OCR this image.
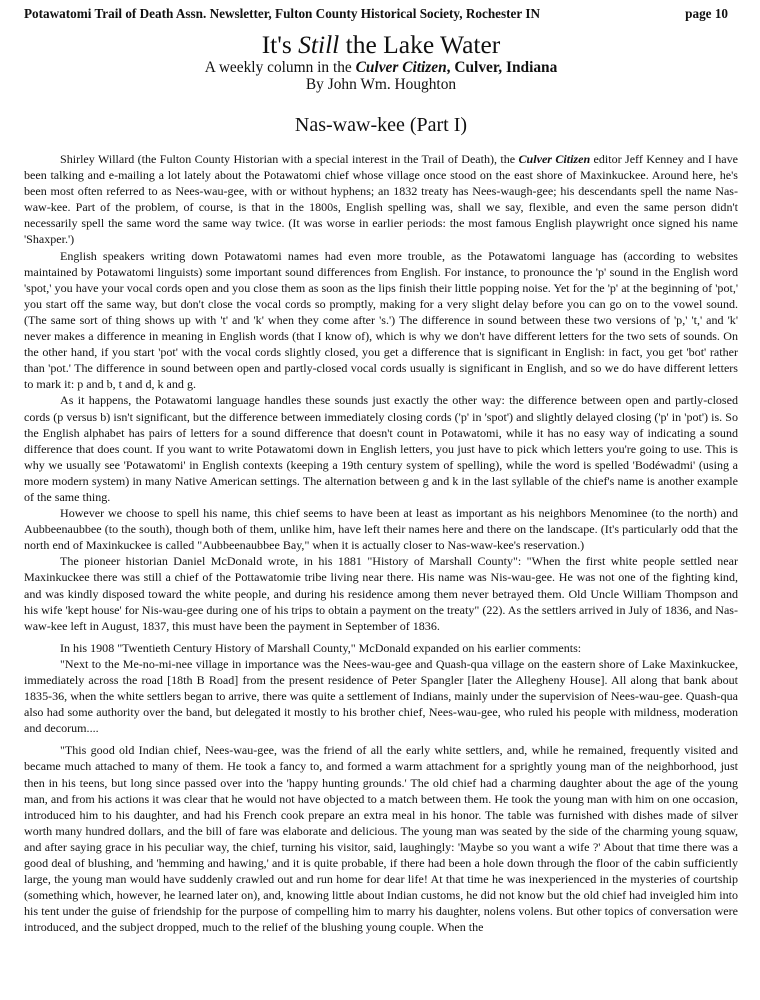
Potawatomi Trail of Death Assn. Newsletter, Fulton County Historical Society, Rochester IN	page 10
It's Still the Lake Water
A weekly column in the Culver Citizen, Culver, Indiana
By John Wm. Houghton
Nas-waw-kee (Part I)

Shirley Willard (the Fulton County Historian with a special interest in the Trail of Death), the Culver Citizen editor Jeff Kenney and I have been talking and e-mailing a lot lately about the Potawatomi chief whose village once stood on the east shore of Maxinkuckee. Around here, he's been most often referred to as Nees-wau-gee, with or without hyphens; an 1832 treaty has Nees-waugh-gee; his descendants spell the name Nas-waw-kee. Part of the problem, of course, is that in the 1800s, English spelling was, shall we say, flexible, and even the same person didn't necessarily spell the same word the same way twice. (It was worse in earlier periods: the most famous English playwright once signed his name 'Shaxper.')

English speakers writing down Potawatomi names had even more trouble, as the Potawatomi language has (according to websites maintained by Potawatomi linguists) some important sound differences from English. For instance, to pronounce the 'p' sound in the English word 'spot,' you have your vocal cords open and you close them as soon as the lips finish their little popping noise. Yet for the 'p' at the beginning of 'pot,' you start off the same way, but don't close the vocal cords so promptly, making for a very slight delay before you can go on to the vowel sound. (The same sort of thing shows up with 't' and 'k' when they come after 's.') The difference in sound between these two versions of 'p,' 't,' and 'k' never makes a difference in meaning in English words (that I know of), which is why we don't have different letters for the two sets of sounds. On the other hand, if you start 'pot' with the vocal cords slightly closed, you get a difference that is significant in English: in fact, you get 'bot' rather than 'pot.' The difference in sound between open and partly-closed vocal cords usually is significant in English, and so we do have different letters to mark it: p and b, t and d, k and g.

As it happens, the Potawatomi language handles these sounds just exactly the other way: the difference between open and partly-closed cords (p versus b) isn't significant, but the difference between immediately closing cords ('p' in 'spot') and slightly delayed closing ('p' in 'pot') is. So the English alphabet has pairs of letters for a sound difference that doesn't count in Potawatomi, while it has no easy way of indicating a sound difference that does count. If you want to write Potawatomi down in English letters, you just have to pick which letters you're going to use. This is why we usually see 'Potawatomi' in English contexts (keeping a 19th century system of spelling), while the word is spelled 'Bodéwadmi' (using a more modern system) in many Native American settings. The alternation between g and k in the last syllable of the chief's name is another example of the same thing.

However we choose to spell his name, this chief seems to have been at least as important as his neighbors Menominee (to the north) and Aubbeenaubbee (to the south), though both of them, unlike him, have left their names here and there on the landscape. (It's particularly odd that the north end of Maxinkuckee is called "Aubbeenaubbee Bay," when it is actually closer to Nas-waw-kee's reservation.)

The pioneer historian Daniel McDonald wrote, in his 1881 "History of Marshall County": "When the first white people settled near Maxinkuckee there was still a chief of the Pottawatomie tribe living near there. His name was Nis-wau-gee. He was not one of the fighting kind, and was kindly disposed toward the white people, and during his residence among them never betrayed them. Old Uncle William Thompson and his wife 'kept house' for Nis-wau-gee during one of his trips to obtain a payment on the treaty" (22). As the settlers arrived in July of 1836, and Nas-waw-kee left in August, 1837, this must have been the payment in September of 1836.

In his 1908 "Twentieth Century History of Marshall County," McDonald expanded on his earlier comments:

"Next to the Me-no-mi-nee village in importance was the Nees-wau-gee and Quash-qua village on the eastern shore of Lake Maxinkuckee, immediately across the road [18th B Road] from the present residence of Peter Spangler [later the Allegheny House]. All along that bank about 1835-36, when the white settlers began to arrive, there was quite a settlement of Indians, mainly under the supervision of Nees-wau-gee. Quash-qua also had some authority over the band, but delegated it mostly to his brother chief, Nees-wau-gee, who ruled his people with mildness, moderation and decorum....

"This good old Indian chief, Nees-wau-gee, was the friend of all the early white settlers, and, while he remained, frequently visited and became much attached to many of them. He took a fancy to, and formed a warm attachment for a sprightly young man of the neighborhood, just then in his teens, but long since passed over into the 'happy hunting grounds.' The old chief had a charming daughter about the age of the young man, and from his actions it was clear that he would not have objected to a match between them. He took the young man with him on one occasion, introduced him to his daughter, and had his French cook prepare an extra meal in his honor. The table was furnished with dishes made of silver worth many hundred dollars, and the bill of fare was elaborate and delicious. The young man was seated by the side of the charming young squaw, and after saying grace in his peculiar way, the chief, turning his visitor, said, laughingly: 'Maybe so you want a wife ?' About that time there was a good deal of blushing, and 'hemming and hawing,' and it is quite probable, if there had been a hole down through the floor of the cabin sufficiently large, the young man would have suddenly crawled out and run home for dear life! At that time he was inexperienced in the mysteries of courtship (something which, however, he learned later on), and, knowing little about Indian customs, he did not know but the old chief had inveigled him into his tent under the guise of friendship for the purpose of compelling him to marry his daughter, nolens volens. But other topics of conversation were introduced, and the subject dropped, much to the relief of the blushing young couple. When the
